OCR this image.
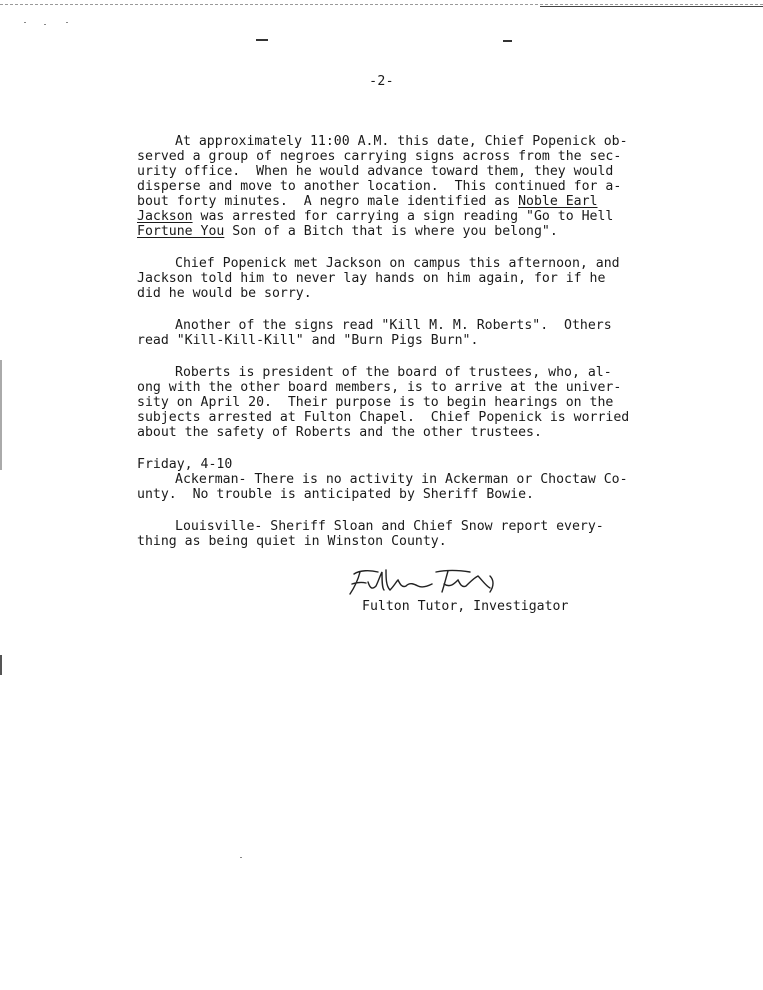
-2-
At approximately 11:00 A.M. this date, Chief Popenick ob-
served a group of negroes carrying signs across from the sec-
urity office.  When he would advance toward them, they would
disperse and move to another location.  This continued for a-
bout forty minutes.  A negro male identified as Noble Earl
Jackson was arrested for carrying a sign reading "Go to Hell
Fortune You Son of a Bitch that is where you belong".
Chief Popenick met Jackson on campus this afternoon, and
Jackson told him to never lay hands on him again, for if he
did he would be sorry.
Another of the signs read "Kill M. M. Roberts".  Others
read "Kill-Kill-Kill" and "Burn Pigs Burn".
Roberts is president of the board of trustees, who, al-
ong with the other board members, is to arrive at the univer-
sity on April 20.  Their purpose is to begin hearings on the
subjects arrested at Fulton Chapel.  Chief Popenick is worried
about the safety of Roberts and the other trustees.
Friday, 4-10
Ackerman- There is no activity in Ackerman or Choctaw Co-
unty.  No trouble is anticipated by Sheriff Bowie.
Louisville- Sheriff Sloan and Chief Snow report every-
thing as being quiet in Winston County.
Fulton Tutor, Investigator
